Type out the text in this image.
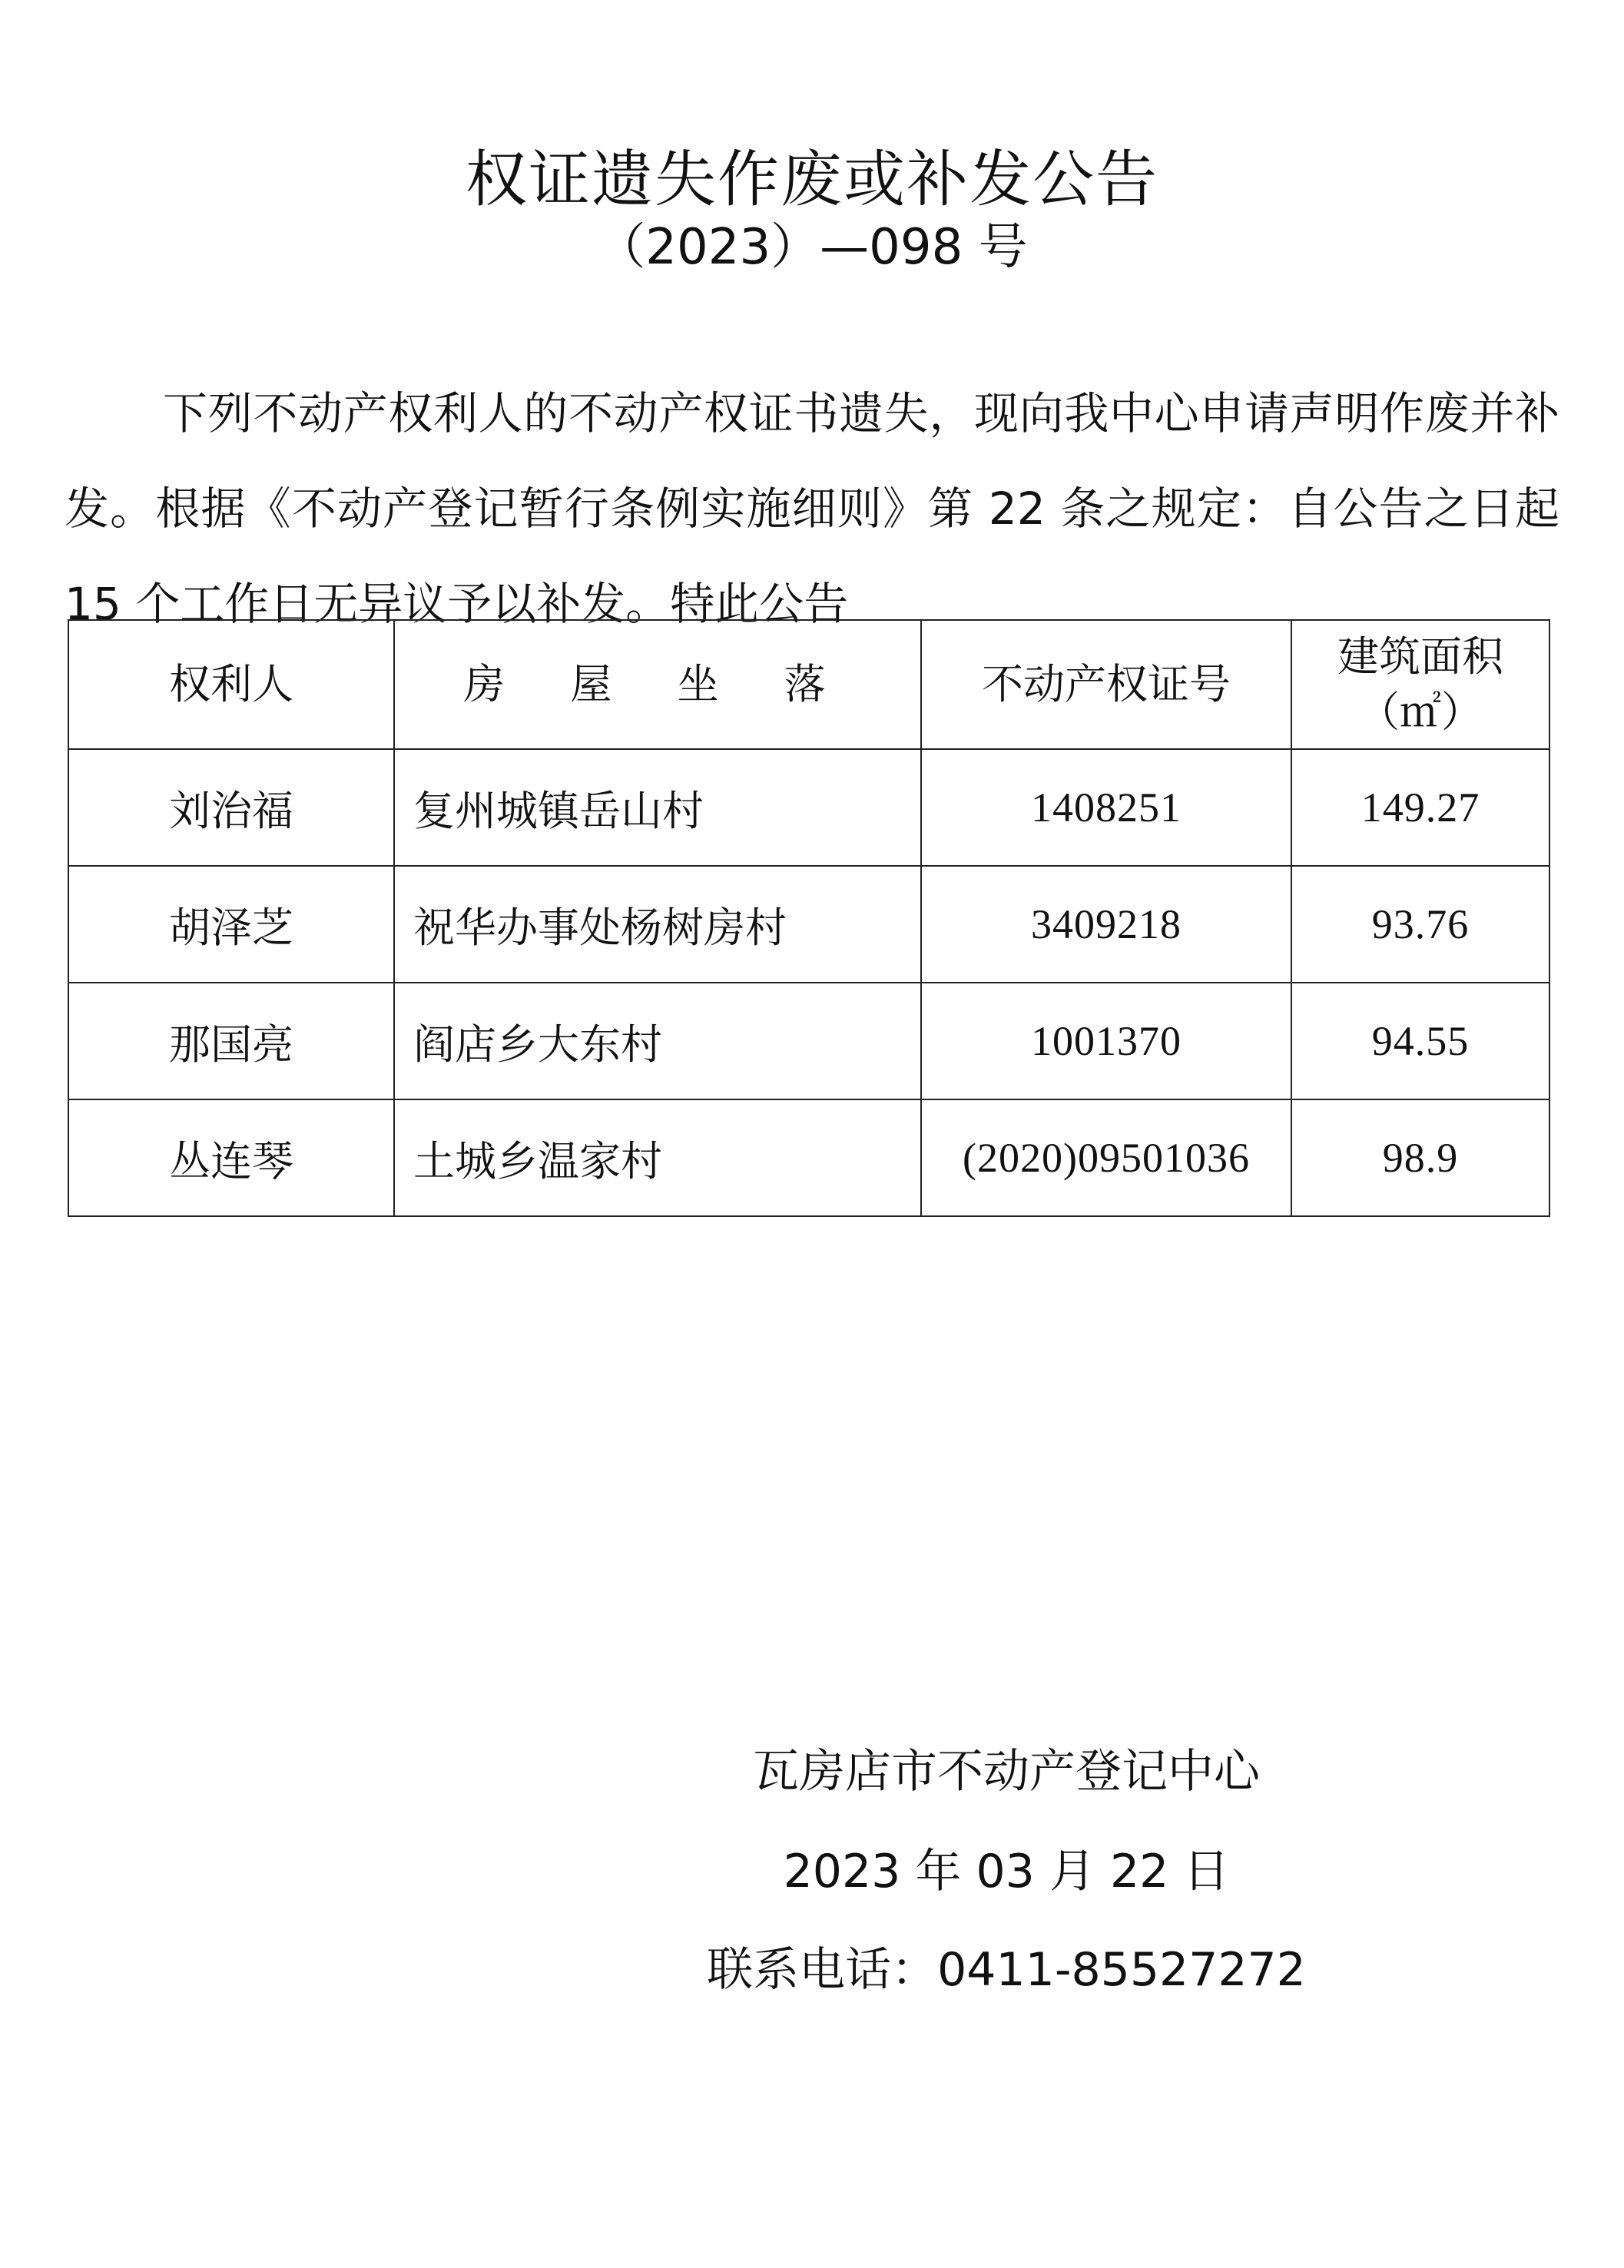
权证遗失作废或补发公告
（2023）—098 号

下列不动产权利人的不动产权证书遗失，现向我中心申请声明作废并补发。根据《不动产登记暂行条例实施细则》第 22 条之规定：自公告之日起 15 个工作日无异议予以补发。特此公告

权利人	房 屋 坐 落	不动产权证号	建筑面积
（㎡）

刘治福	复州城镇岳山村	1408251	149.27
胡泽芝	祝华办事处杨树房村	3409218	93.76
那国亮	阎店乡大东村	1001370	94.55
丛连琴	土城乡温家村	(2020)09501036	98.9
瓦房店市不动产登记中心
2023 年 03 月 22 日
联系电话：0411-85527272
